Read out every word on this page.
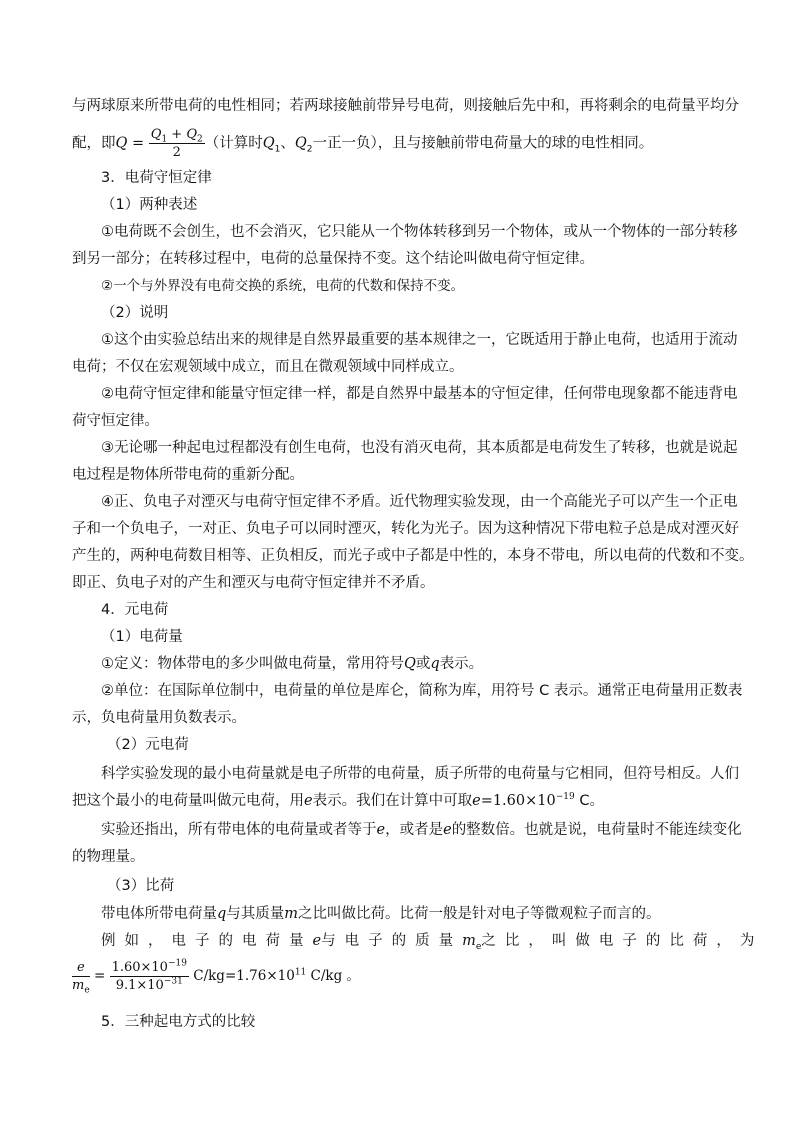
与两球原来所带电荷的电性相同；若两球接触前带异号电荷，则接触后先中和，再将剩余的电荷量平均分
配，即$Q = \frac{Q_1 + Q_2}{2}$ （计算时$Q_1$、$Q_2$一正一负），且与接触前带电荷量大的球的电性相同。
3．电荷守恒定律
（1）两种表述
①电荷既不会创生，也不会消灭，它只能从一个物体转移到另一个物体，或从一个物体的一部分转移
到另一部分；在转移过程中，电荷的总量保持不变。这个结论叫做电荷守恒定律。
②一个与外界没有电荷交换的系统，电荷的代数和保持不变。
（2）说明
①这个由实验总结出来的规律是自然界最重要的基本规律之一，它既适用于静止电荷，也适用于流动
电荷；不仅在宏观领域中成立，而且在微观领域中同样成立。
②电荷守恒定律和能量守恒定律一样，都是自然界中最基本的守恒定律，任何带电现象都不能违背电
荷守恒定律。
③无论哪一种起电过程都没有创生电荷，也没有消灭电荷，其本质都是电荷发生了转移，也就是说起
电过程是物体所带电荷的重新分配。
④正、负电子对湮灭与电荷守恒定律不矛盾。近代物理实验发现，由一个高能光子可以产生一个正电
子和一个负电子，一对正、负电子可以同时湮灭，转化为光子。因为这种情况下带电粒子总是成对湮灭好
产生的，两种电荷数目相等、正负相反，而光子或中子都是中性的，本身不带电，所以电荷的代数和不变。
即正、负电子对的产生和湮灭与电荷守恒定律并不矛盾。
4．元电荷
（1）电荷量
①定义：物体带电的多少叫做电荷量，常用符号Q或q表示。
②单位：在国际单位制中，电荷量的单位是库仑，简称为库，用符号 C 表示。通常正电荷量用正数表
示，负电荷量用负数表示。
（2）元电荷
科学实验发现的最小电荷量就是电子所带的电荷量，质子所带的电荷量与它相同，但符号相反。人们
把这个最小的电荷量叫做元电荷，用e表示。我们在计算中可取$e=1.60\times 10^{-19}$ C。
实验还指出，所有带电体的电荷量或者等于e，或者是e的整数倍。也就是说，电荷量时不能连续变化
的物理量。
（3）比荷
带电体所带电荷量q与其质量m之比叫做比荷。比荷一般是针对电子等微观粒子而言的。
例如，电子的电荷量 e 与电子的质量 $m_e$ 之比，叫做电子的比荷，为
$\frac{e}{m_e} = \frac{1.60\times 10^{-19}}{9.1\times 10^{-31}} C/kg=1.76\times 10^{11}$ C/kg 。
5．三种起电方式的比较
